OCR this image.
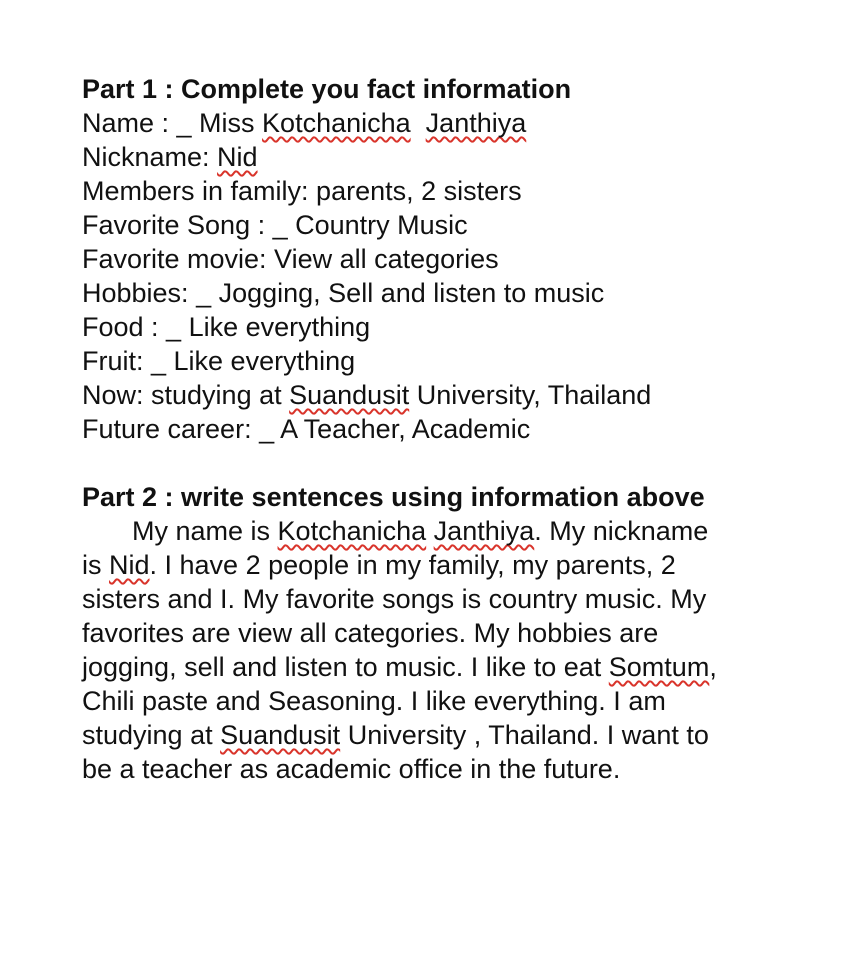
Part 1 : Complete you fact information

Name : _ Miss Kotchanicha Janthiya
Nickname: Nid
Members in family: parents, 2 sisters
Favorite Song : _ Country Music
Favorite movie: View all categories
Hobbies: _ Jogging, Sell and listen to music
Food : _ Like everything
Fruit: _ Like everything
Now: studying at Suandusit University, Thailand
Future career: _ A Teacher, Academic

Part 2 : write sentences using information above

My name is Kotchanicha Janthiya. My nickname
is Nid. I have 2 people in my family, my parents, 2
sisters and I. My favorite songs is country music. My
favorites are view all categories. My hobbies are
jogging, sell and listen to music. I like to eat Somtum,
Chili paste and Seasoning. I like everything. I am
studying at Suandusit University , Thailand. I want to
be a teacher as academic office in the future.
